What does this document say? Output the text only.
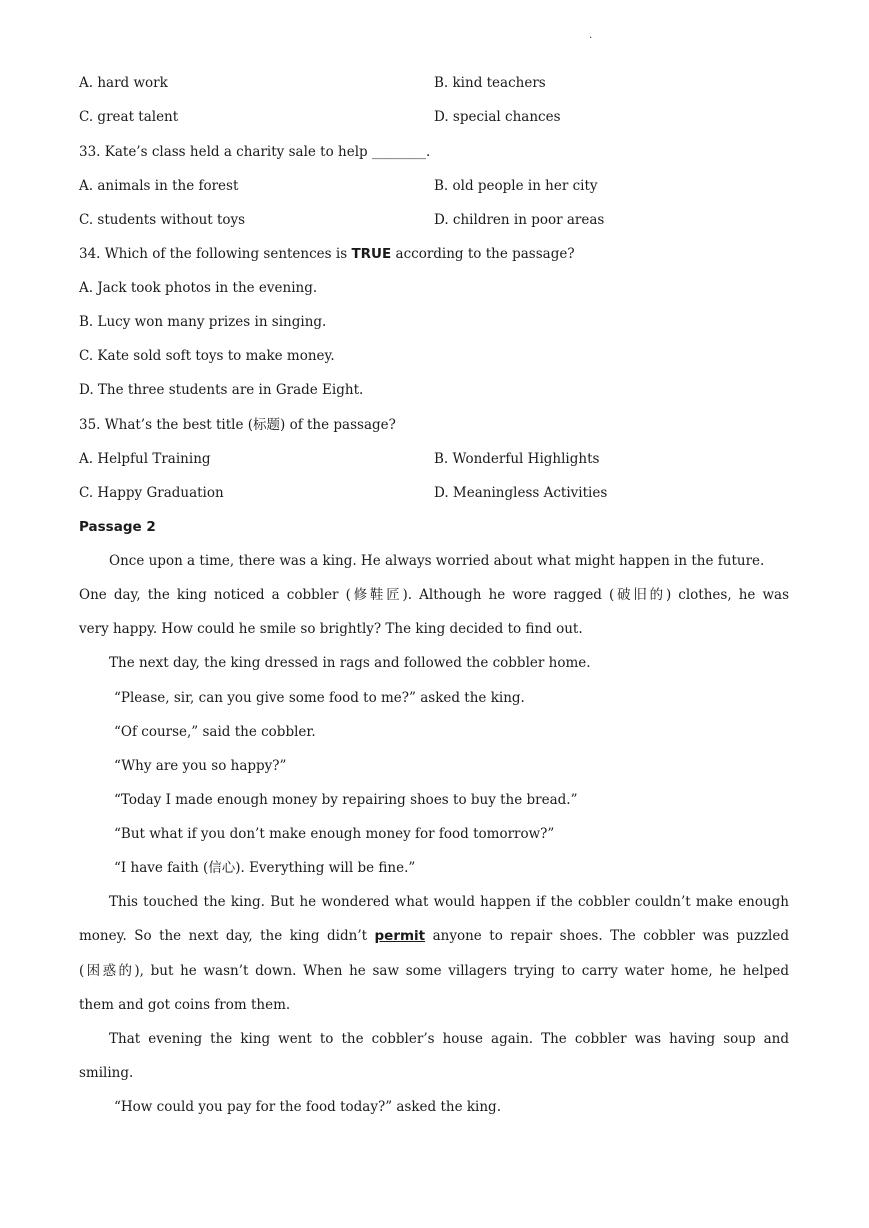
.
A. hard work	B. kind teachers
C. great talent	D. special chances
33. Kate’s class held a charity sale to help ________.
A. animals in the forest	B. old people in her city
C. students without toys	D. children in poor areas
34. Which of the following sentences is TRUE according to the passage?
A. Jack took photos in the evening.
B. Lucy won many prizes in singing.
C. Kate sold soft toys to make money.
D. The three students are in Grade Eight.
35. What’s the best title (标题) of the passage?
A. Helpful Training	B. Wonderful Highlights
C. Happy Graduation	D. Meaningless Activities
Passage 2
Once upon a time, there was a king. He always worried about what might happen in the future.
One day, the king noticed a cobbler (修鞋匠). Although he wore ragged (破旧的) clothes, he was
very happy. How could he smile so brightly? The king decided to find out.
The next day, the king dressed in rags and followed the cobbler home.
“Please, sir, can you give some food to me?” asked the king.
“Of course,” said the cobbler.
“Why are you so happy?”
“Today I made enough money by repairing shoes to buy the bread.”
“But what if you don’t make enough money for food tomorrow?”
“I have faith (信心). Everything will be fine.”
This touched the king. But he wondered what would happen if the cobbler couldn’t make enough
money. So the next day, the king didn’t permit anyone to repair shoes. The cobbler was puzzled
(困惑的), but he wasn’t down. When he saw some villagers trying to carry water home, he helped
them and got coins from them.
That evening the king went to the cobbler’s house again. The cobbler was having soup and
smiling.
“How could you pay for the food today?” asked the king.
